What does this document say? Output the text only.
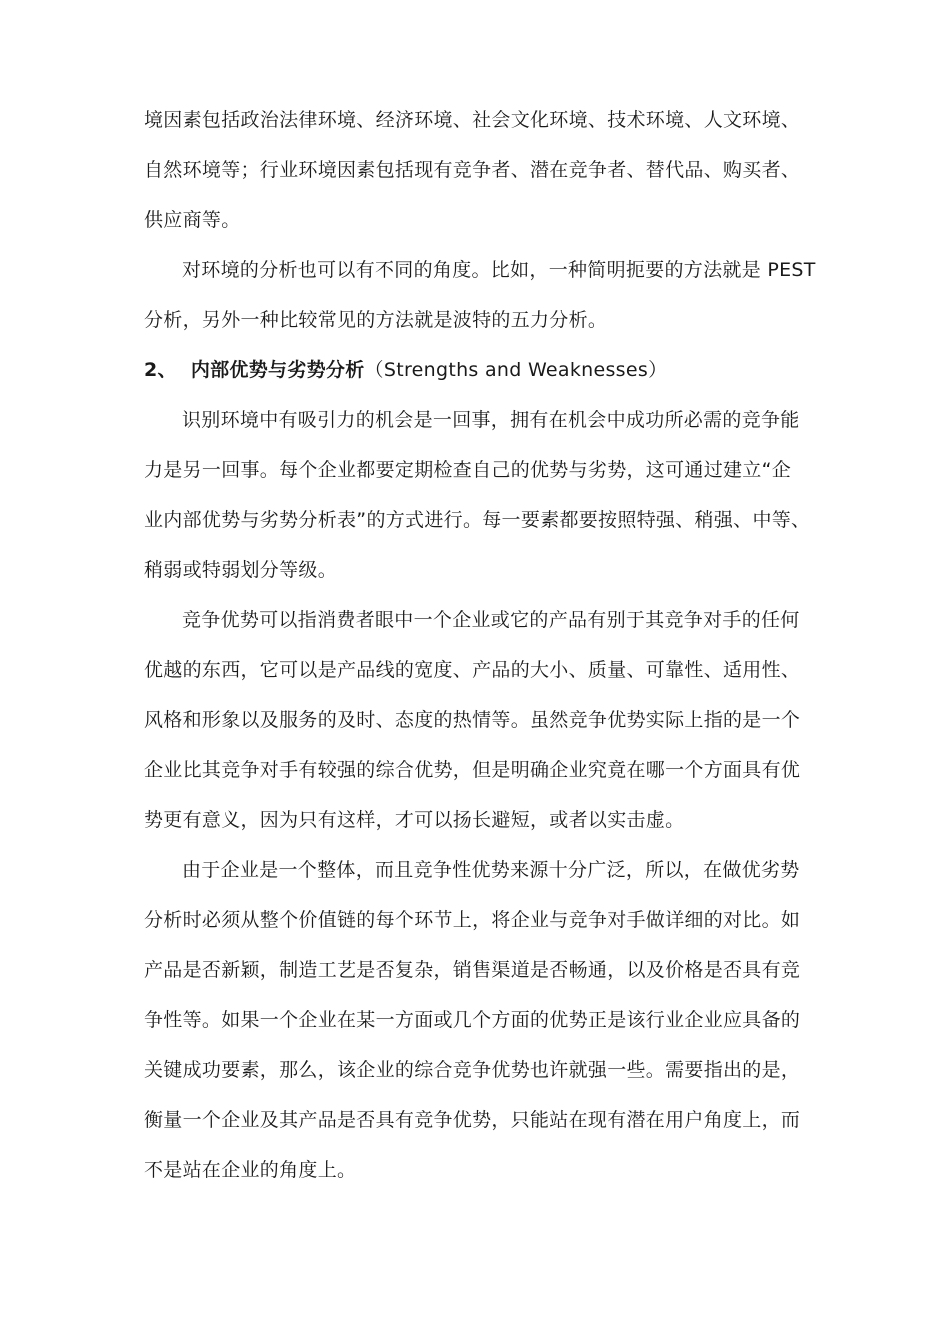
境因素包括政治法律环境、经济环境、社会文化环境、技术环境、人文环境、
自然环境等；行业环境因素包括现有竞争者、潜在竞争者、替代品、购买者、
供应商等。
对环境的分析也可以有不同的角度。比如，一种简明扼要的方法就是 PEST
分析，另外一种比较常见的方法就是波特的五力分析。
2、 内部优势与劣势分析（Strengths and Weaknesses）
识别环境中有吸引力的机会是一回事，拥有在机会中成功所必需的竞争能
力是另一回事。每个企业都要定期检查自己的优势与劣势，这可通过建立“企
业内部优势与劣势分析表”的方式进行。每一要素都要按照特强、稍强、中等、
稍弱或特弱划分等级。
竞争优势可以指消费者眼中一个企业或它的产品有别于其竞争对手的任何
优越的东西，它可以是产品线的宽度、产品的大小、质量、可靠性、适用性、
风格和形象以及服务的及时、态度的热情等。虽然竞争优势实际上指的是一个
企业比其竞争对手有较强的综合优势，但是明确企业究竟在哪一个方面具有优
势更有意义，因为只有这样，才可以扬长避短，或者以实击虚。
由于企业是一个整体，而且竞争性优势来源十分广泛，所以，在做优劣势
分析时必须从整个价值链的每个环节上，将企业与竞争对手做详细的对比。如
产品是否新颖，制造工艺是否复杂，销售渠道是否畅通，以及价格是否具有竞
争性等。如果一个企业在某一方面或几个方面的优势正是该行业企业应具备的
关键成功要素，那么，该企业的综合竞争优势也许就强一些。需要指出的是，
衡量一个企业及其产品是否具有竞争优势，只能站在现有潜在用户角度上，而
不是站在企业的角度上。
